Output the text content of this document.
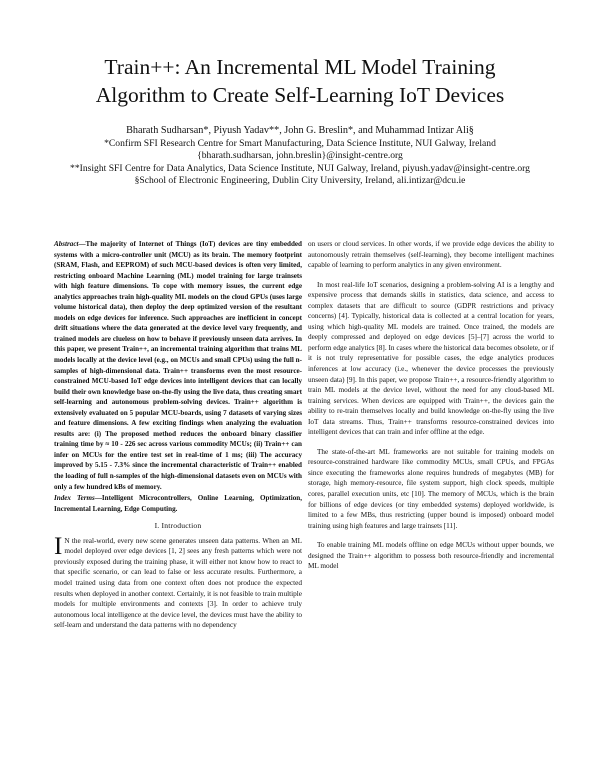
Train++: An Incremental ML Model Training
Algorithm to Create Self-Learning IoT Devices
Bharath Sudharsan*, Piyush Yadav**, John G. Breslin*, and Muhammad Intizar Ali§
*Confirm SFI Research Centre for Smart Manufacturing, Data Science Institute, NUI Galway, Ireland
{bharath.sudharsan, john.breslin}@insight-centre.org
**Insight SFI Centre for Data Analytics, Data Science Institute, NUI Galway, Ireland, piyush.yadav@insight-centre.org
§School of Electronic Engineering, Dublin City University, Ireland, ali.intizar@dcu.ie
Abstract—The majority of Internet of Things (IoT) devices are tiny embedded systems with a micro-controller unit (MCU) as its brain. The memory footprint (SRAM, Flash, and EEPROM) of such MCU-based devices is often very limited, restricting onboard Machine Learning (ML) model training for large trainsets with high feature dimensions. To cope with memory issues, the current edge analytics approaches train high-quality ML models on the cloud GPUs (uses large volume historical data), then deploy the deep optimized version of the resultant models on edge devices for inference. Such approaches are inefficient in concept drift situations where the data generated at the device level vary frequently, and trained models are clueless on how to behave if previously unseen data arrives. In this paper, we present Train++, an incremental training algorithm that trains ML models locally at the device level (e.g., on MCUs and small CPUs) using the full n-samples of high-dimensional data. Train++ transforms even the most resource-constrained MCU-based IoT edge devices into intelligent devices that can locally build their own knowledge base on-the-fly using the live data, thus creating smart self-learning and autonomous problem-solving devices. Train++ algorithm is extensively evaluated on 5 popular MCU-boards, using 7 datasets of varying sizes and feature dimensions. A few exciting findings when analyzing the evaluation results are: (i) The proposed method reduces the onboard binary classifier training time by ≈ 10 - 226 sec across various commodity MCUs; (ii) Train++ can infer on MCUs for the entire test set in real-time of 1 ms; (iii) The accuracy improved by 5.15 - 7.3% since the incremental characteristic of Train++ enabled the loading of full n-samples of the high-dimensional datasets even on MCUs with only a few hundred kBs of memory.
Index Terms—Intelligent Microcontrollers, Online Learning, Optimization, Incremental Learning, Edge Computing.
I. Introduction
I N the real-world, every new scene generates unseen data patterns. When an ML model deployed over edge devices [1, 2] sees any fresh patterns which were not previously exposed during the training phase, it will either not know how to react to that specific scenario, or can lead to false or less accurate results. Furthermore, a model trained using data from one context often does not produce the expected results when deployed in another context. Certainly, it is not feasible to train multiple models for multiple environments and contexts [3]. In order to achieve truly autonomous local intelligence at the device level, the devices must have the ability to self-learn and understand the data patterns with no dependency

on users or cloud services. In other words, if we provide edge devices the ability to autonomously retrain themselves (self-learning), they become intelligent machines capable of learning to perform analytics in any given environment.

In most real-life IoT scenarios, designing a problem-solving AI is a lengthy and expensive process that demands skills in statistics, data science, and access to complex datasets that are difficult to source (GDPR restrictions and privacy concerns) [4]. Typically, historical data is collected at a central location for years, using which high-quality ML models are trained. Once trained, the models are deeply compressed and deployed on edge devices [5]–[7] across the world to perform edge analytics [8]. In cases where the historical data becomes obsolete, or if it is not truly representative for possible cases, the edge analytics produces inferences at low accuracy (i.e., whenever the device processes the previously unseen data) [9]. In this paper, we propose Train++, a resource-friendly algorithm to train ML models at the device level, without the need for any cloud-based ML training services. When devices are equipped with Train++, the devices gain the ability to re-train themselves locally and build knowledge on-the-fly using the live IoT data streams. Thus, Train++ transforms resource-constrained devices into intelligent devices that can train and infer offline at the edge.

The state-of-the-art ML frameworks are not suitable for training models on resource-constrained hardware like commodity MCUs, small CPUs, and FPGAs since executing the frameworks alone requires hundreds of megabytes (MB) for storage, high memory-resource, file system support, high clock speeds, multiple cores, parallel execution units, etc [10]. The memory of MCUs, which is the brain for billions of edge devices (or tiny embedded systems) deployed worldwide, is limited to a few MBs, thus restricting (upper bound is imposed) onboard model training using high features and large trainsets [11].

To enable training ML models offline on edge MCUs without upper bounds, we designed the Train++ algorithm to possess both resource-friendly and incremental ML model
